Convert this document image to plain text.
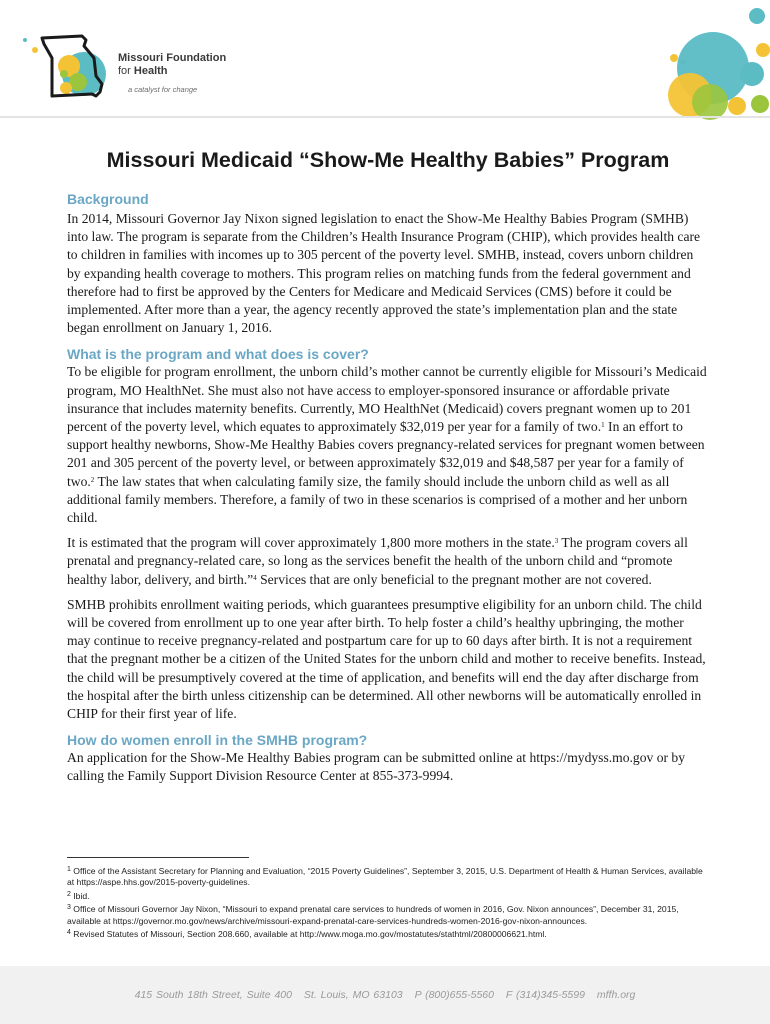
Missouri Foundation
for Health
a catalyst for change
Missouri Medicaid “Show-Me Healthy Babies” Program
Background

In 2014, Missouri Governor Jay Nixon signed legislation to enact the Show-Me Healthy Babies Program (SMHB) into law. The program is separate from the Children’s Health Insurance Program (CHIP), which provides health care to children in families with incomes up to 305 percent of the poverty level. SMHB, instead, covers unborn children by expanding health coverage to mothers. This program relies on matching funds from the federal government and therefore had to first be approved by the Centers for Medicare and Medicaid Services (CMS) before it could be implemented. After more than a year, the agency recently approved the state’s implementation plan and the state began enrollment on January 1, 2016.

What is the program and what does is cover?

To be eligible for program enrollment, the unborn child’s mother cannot be currently eligible for Missouri’s Medicaid program, MO HealthNet. She must also not have access to employer-sponsored insurance or affordable private insurance that includes maternity benefits. Currently, MO HealthNet (Medicaid) covers pregnant women up to 201 percent of the poverty level, which equates to approximately $32,019 per year for a family of two.$^1$ In an effort to support healthy newborns, Show-Me Healthy Babies covers pregnancy-related services for pregnant women between 201 and 305 percent of the poverty level, or between approximately $32,019 and $48,587 per year for a family of two.$^2$ The law states that when calculating family size, the family should include the unborn child as well as all additional family members. Therefore, a family of two in these scenarios is comprised of a mother and her unborn child.

It is estimated that the program will cover approximately 1,800 more mothers in the state.$^3$ The program covers all prenatal and pregnancy-related care, so long as the services benefit the health of the unborn child and “promote healthy labor, delivery, and birth.”$^4$ Services that are only beneficial to the pregnant mother are not covered.

SMHB prohibits enrollment waiting periods, which guarantees presumptive eligibility for an unborn child. The child will be covered from enrollment up to one year after birth. To help foster a child’s healthy upbringing, the mother may continue to receive pregnancy-related and postpartum care for up to 60 days after birth. It is not a requirement that the pregnant mother be a citizen of the United States for the unborn child and mother to receive benefits. Instead, the child will be presumptively covered at the time of application, and benefits will end the day after discharge from the hospital after the birth unless citizenship can be determined. All other newborns will be automatically enrolled in CHIP for their first year of life.

How do women enroll in the SMHB program?

An application for the Show-Me Healthy Babies program can be submitted online at https://mydyss.mo.gov or by calling the Family Support Division Resource Center at 855-373-9994.

$^1$ Office of the Assistant Secretary for Planning and Evaluation, “2015 Poverty Guidelines”, September 3, 2015, U.S. Department of Health & Human Services, available at https://aspe.hhs.gov/2015-poverty-guidelines.
$^2$ Ibid.
$^3$ Office of Missouri Governor Jay Nixon, “Missouri to expand prenatal care services to hundreds of women in 2016, Gov. Nixon announces”, December 31, 2015, available at https://governor.mo.gov/news/archive/missouri-expand-prenatal-care-services-hundreds-women-2016-gov-nixon-announces.
$^4$ Revised Statutes of Missouri, Section 208.660, available at http://www.moga.mo.gov/mostatutes/stathtml/20800006621.html.
415 South 18th Street, Suite 400 St. Louis, MO 63103 P (800)655-5560 F (314)345-5599 mffh.org
